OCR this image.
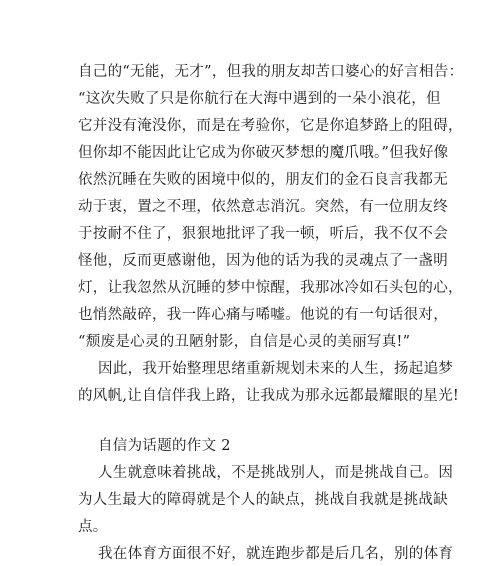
自己的“无能，无才”，但我的朋友却苦口婆心的好言相告：
“这次失败了只是你航行在大海中遇到的一朵小浪花，但
它并没有淹没你，而是在考验你，它是你追梦路上的阻碍，
但你却不能因此让它成为你破灭梦想的魔爪哦。”但我好像
依然沉睡在失败的困境中似的，朋友们的金石良言我都无
动于衷，置之不理，依然意志消沉。突然，有一位朋友终
于按耐不住了，狠狠地批评了我一顿，听后，我不仅不会
怪他，反而更感谢他，因为他的话为我的灵魂点了一盏明
灯，让我忽然从沉睡的梦中惊醒，我那冰冷如石头包的心，
也悄然敲碎，我一阵心痛与唏嘘。他说的有一句话很对，
“颓废是心灵的丑陋射影，自信是心灵的美丽写真!”
因此，我开始整理思绪重新规划未来的人生，扬起追梦
的风帆,让自信伴我上路，让我成为那永远都最耀眼的星光!
自信为话题的作文 2
人生就意味着挑战，不是挑战别人，而是挑战自己。因
为人生最大的障碍就是个人的缺点，挑战自我就是挑战缺
点。
我在体育方面很不好，就连跑步都是后几名，别的体育
